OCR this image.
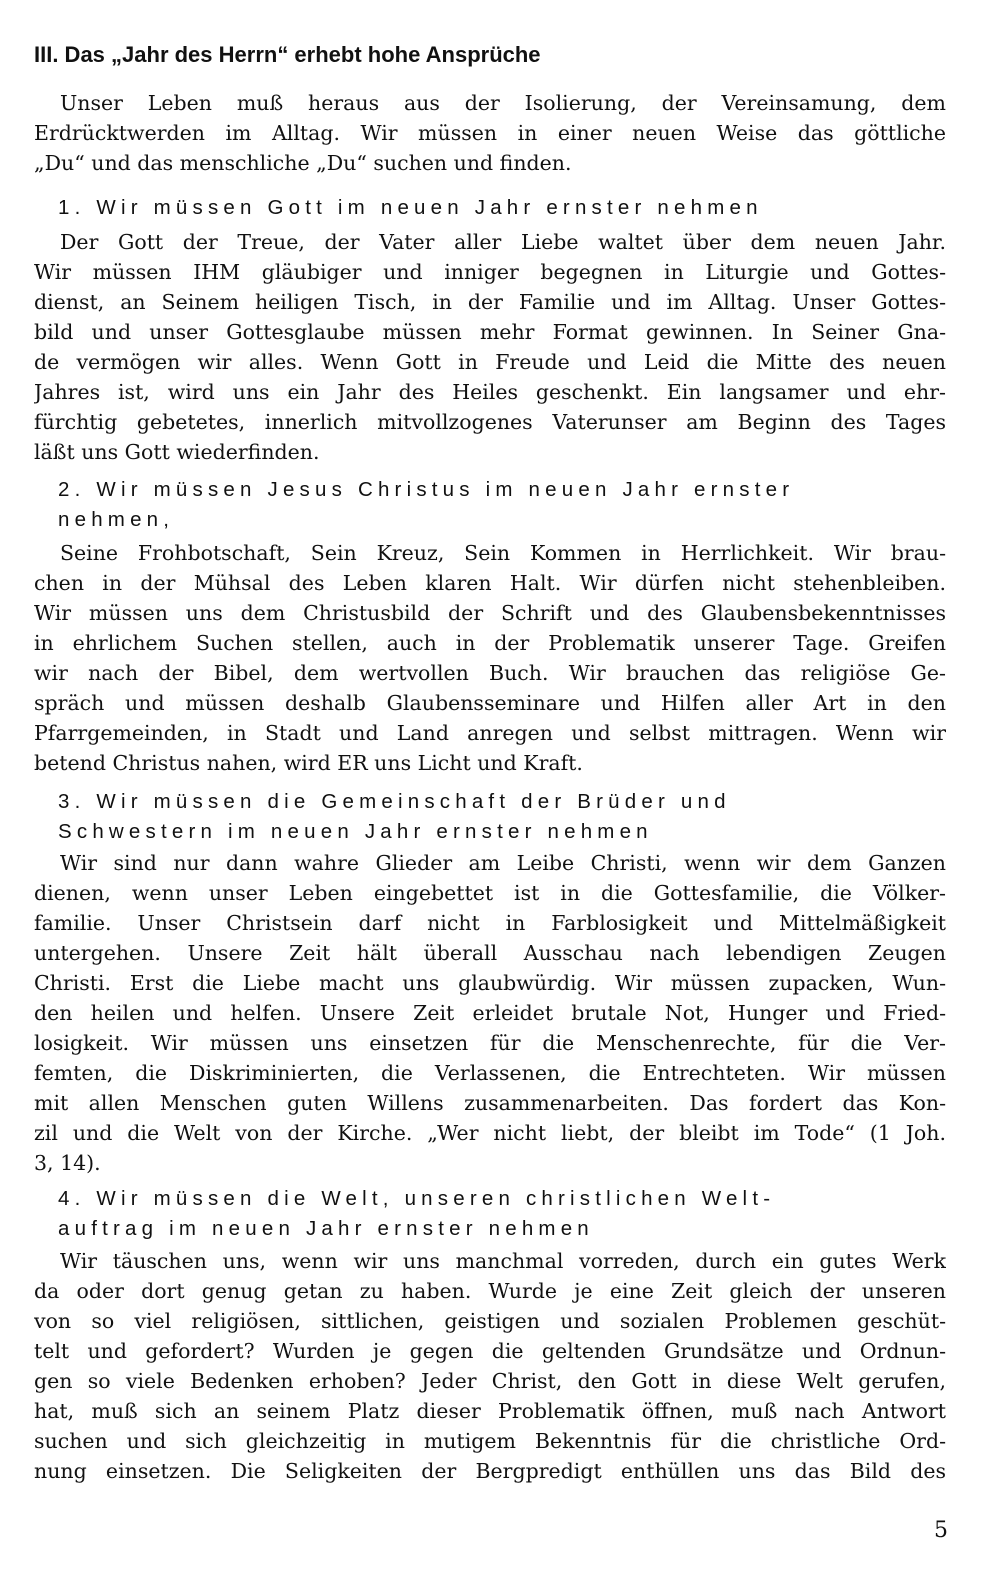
III. Das „Jahr des Herrn“ erhebt hohe Ansprüche
Unser Leben muß heraus aus der Isolierung, der Vereinsamung, dem
Erdrücktwerden im Alltag. Wir müssen in einer neuen Weise das göttliche
„Du“ und das menschliche „Du“ suchen und finden.
1. Wir müssen Gott im neuen Jahr ernster nehmen
Der Gott der Treue, der Vater aller Liebe waltet über dem neuen Jahr.
Wir müssen IHM gläubiger und inniger begegnen in Liturgie und Gottes-
dienst, an Seinem heiligen Tisch, in der Familie und im Alltag. Unser Gottes-
bild und unser Gottesglaube müssen mehr Format gewinnen. In Seiner Gna-
de vermögen wir alles. Wenn Gott in Freude und Leid die Mitte des neuen
Jahres ist, wird uns ein Jahr des Heiles geschenkt. Ein langsamer und ehr-
fürchtig gebetetes, innerlich mitvollzogenes Vaterunser am Beginn des Tages
läßt uns Gott wiederfinden.
2. Wir müssen Jesus Christus im neuen Jahr ernster
nehmen,
Seine Frohbotschaft, Sein Kreuz, Sein Kommen in Herrlichkeit. Wir brau-
chen in der Mühsal des Leben klaren Halt. Wir dürfen nicht stehenbleiben.
Wir müssen uns dem Christusbild der Schrift und des Glaubensbekenntnisses
in ehrlichem Suchen stellen, auch in der Problematik unserer Tage. Greifen
wir nach der Bibel, dem wertvollen Buch. Wir brauchen das religiöse Ge-
spräch und müssen deshalb Glaubensseminare und Hilfen aller Art in den
Pfarrgemeinden, in Stadt und Land anregen und selbst mittragen. Wenn wir
betend Christus nahen, wird ER uns Licht und Kraft.
3. Wir müssen die Gemeinschaft der Brüder und
Schwestern im neuen Jahr ernster nehmen
Wir sind nur dann wahre Glieder am Leibe Christi, wenn wir dem Ganzen
dienen, wenn unser Leben eingebettet ist in die Gottesfamilie, die Völker-
familie. Unser Christsein darf nicht in Farblosigkeit und Mittelmäßigkeit
untergehen. Unsere Zeit hält überall Ausschau nach lebendigen Zeugen
Christi. Erst die Liebe macht uns glaubwürdig. Wir müssen zupacken, Wun-
den heilen und helfen. Unsere Zeit erleidet brutale Not, Hunger und Fried-
losigkeit. Wir müssen uns einsetzen für die Menschenrechte, für die Ver-
femten, die Diskriminierten, die Verlassenen, die Entrechteten. Wir müssen
mit allen Menschen guten Willens zusammenarbeiten. Das fordert das Kon-
zil und die Welt von der Kirche. „Wer nicht liebt, der bleibt im Tode“ (1 Joh.
3, 14).
4. Wir müssen die Welt, unseren christlichen Welt-
auftrag im neuen Jahr ernster nehmen
Wir täuschen uns, wenn wir uns manchmal vorreden, durch ein gutes Werk
da oder dort genug getan zu haben. Wurde je eine Zeit gleich der unseren
von so viel religiösen, sittlichen, geistigen und sozialen Problemen geschüt-
telt und gefordert? Wurden je gegen die geltenden Grundsätze und Ordnun-
gen so viele Bedenken erhoben? Jeder Christ, den Gott in diese Welt gerufen,
hat, muß sich an seinem Platz dieser Problematik öffnen, muß nach Antwort
suchen und sich gleichzeitig in mutigem Bekenntnis für die christliche Ord-
nung einsetzen. Die Seligkeiten der Bergpredigt enthüllen uns das Bild des
5
